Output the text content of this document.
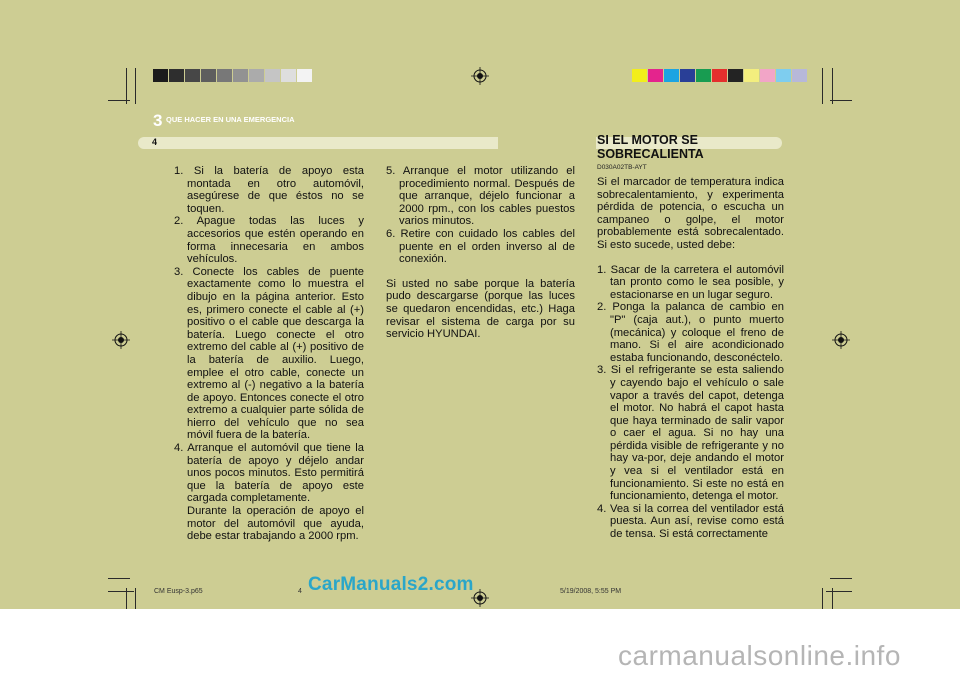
3 QUE HACER EN UNA EMERGENCIA
4	SI EL MOTOR SE
SOBRECALIENTA
D030A02TB-AYT

1. Si la batería de apoyo esta montada en otro automóvil, asegúrese de que éstos no se toquen.

2. Apague todas las luces y accesorios que estén operando en forma innecesaria en ambos vehículos.

3. Conecte los cables de puente exactamente como lo muestra el dibujo en la página anterior. Esto es, primero conecte el cable al (+) positivo o el cable que descarga la batería. Luego conecte el otro extremo del cable al (+) positivo de la batería de auxilio. Luego, emplee el otro cable, conecte un extremo al (-) negativo a la batería de apoyo. Entonces conecte el otro extremo a cualquier parte sólida de hierro del vehículo que no sea móvil fuera de la batería.

4. Arranque el automóvil que tiene la batería de apoyo y déjelo andar unos pocos minutos. Esto permitirá que la batería de apoyo este cargada completamente.

Durante la operación de apoyo el motor del automóvil que ayuda, debe estar trabajando a 2000 rpm.

5. Arranque el motor utilizando el procedimiento normal. Después de que arranque, déjelo funcionar a 2000 rpm., con los cables puestos varios minutos.

6. Retire con cuidado los cables del puente en el orden inverso al de conexión.

Si usted no sabe porque la batería pudo descargarse (porque las luces se quedaron encendidas, etc.) Haga revisar el sistema de carga por su servicio HYUNDAI.

Si el marcador de temperatura indica sobrecalentamiento, y experimenta pérdida de potencia, o escucha un campaneo o golpe, el motor probablemente está sobrecalentado. Si esto sucede, usted debe:

1. Sacar de la carretera el automóvil tan pronto como le sea posible, y estacionarse en un lugar seguro.

2. Ponga la palanca de cambio en "P" (caja aut.), o punto muerto (mecánica) y coloque el freno de mano. Si el aire acondicionado estaba funcionando, desconéctelo.

3. Si el refrigerante se esta saliendo y cayendo bajo el vehículo o sale vapor a través del capot, detenga el motor. No habrá el capot hasta que haya terminado de salir vapor o caer el agua. Si no hay una pérdida visible de refrigerante y no hay va-por, deje andando el motor y vea si el ventilador está en funcionamiento. Si este no está en funcionamiento, detenga el motor.

4. Vea si la correa del ventilador está puesta. Aun así, revise como está de tensa. Si está correctamente

CM Eusp-3.p65	4	5/19/2008, 5:55 PM
CarManuals2.com
carmanualsonline.info
